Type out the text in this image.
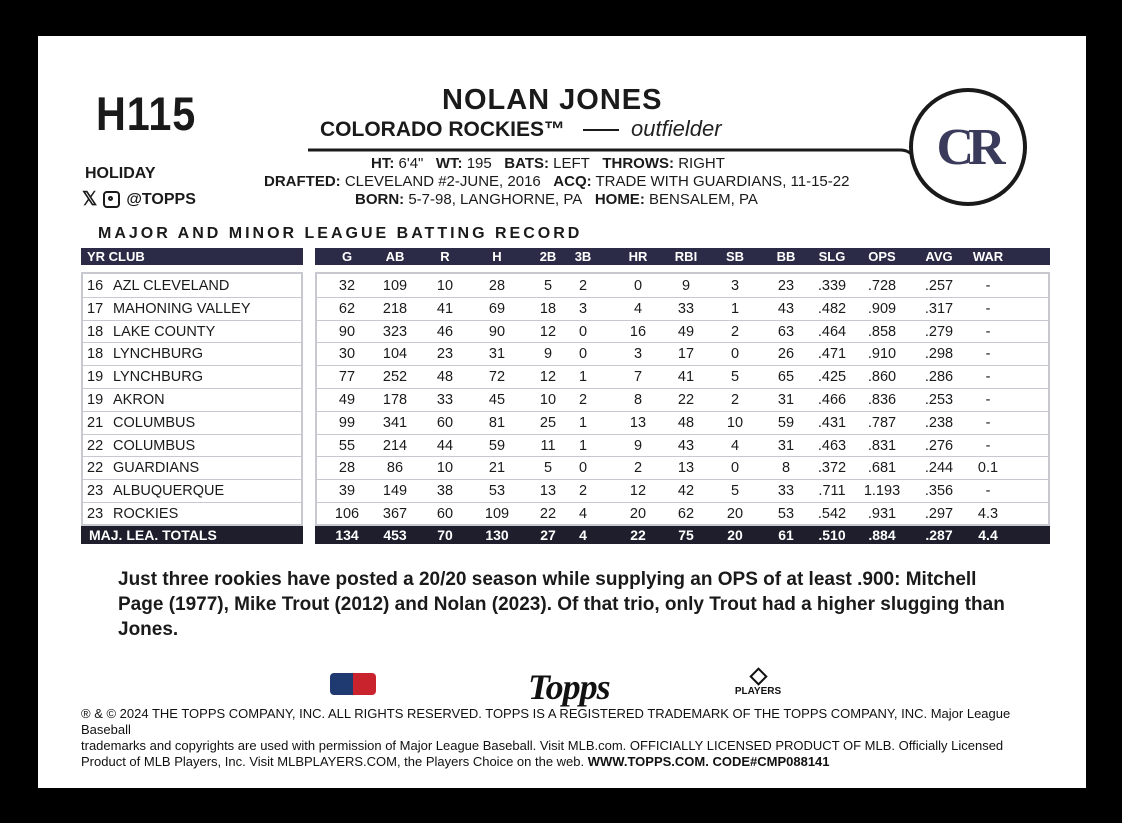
H115	NOLAN JONES
COLORADO ROCKIES™	outfielder	CR
HOLIDAY
𝕏 @TOPPS
HT: 6'4" WT: 195 BATS: LEFT THROWS: RIGHT
DRAFTED: CLEVELAND #2-JUNE, 2016 ACQ: TRADE WITH GUARDIANS, 11-15-22
BORN: 5-7-98, LANGHORNE, PA HOME: BENSALEM, PA
MAJOR AND MINOR LEAGUE BATTING RECORD
YR CLUB	G	AB	R	H	2B	3B	HR	RBI	SB	BB	SLG	OPS	AVG	WAR
16 AZL CLEVELAND	32	109	10	28	5	2	0	9	3	23	.339	.728	.257	-
17 MAHONING VALLEY	62	218	41	69	18	3	4	33	1	43	.482	.909	.317	-
18 LAKE COUNTY	90	323	46	90	12	0	16	49	2	63	.464	.858	.279	-
18 LYNCHBURG	30	104	23	31	9	0	3	17	0	26	.471	.910	.298	-
19 LYNCHBURG	77	252	48	72	12	1	7	41	5	65	.425	.860	.286	-
19 AKRON	49	178	33	45	10	2	8	22	2	31	.466	.836	.253	-
21 COLUMBUS	99	341	60	81	25	1	13	48	10	59	.431	.787	.238	-
22 COLUMBUS	55	214	44	59	11	1	9	43	4	31	.463	.831	.276	-
22 GUARDIANS	28	86	10	21	5	0	2	13	0	8	.372	.681	.244	0.1
23 ALBUQUERQUE	39	149	38	53	13	2	12	42	5	33	.711	1.193	.356	-
23 ROCKIES	106	367	60	109	22	4	20	62	20	53	.542	.931	.297	4.3
MAJ. LEA. TOTALS	134	453	70	130	27	4	22	75	20	61	.510	.884	.287	4.4
Just three rookies have posted a 20/20 season while supplying an OPS of at least .900: Mitchell Page (1977), Mike Trout (2012) and Nolan (2023). Of that trio, only Trout had a higher slugging than Jones.
Topps	PLAYERS
® & © 2024 THE TOPPS COMPANY, INC. ALL RIGHTS RESERVED. TOPPS IS A REGISTERED TRADEMARK OF THE TOPPS COMPANY, INC. Major League Baseball
trademarks and copyrights are used with permission of Major League Baseball. Visit MLB.com. OFFICIALLY LICENSED PRODUCT OF MLB. Officially Licensed
Product of MLB Players, Inc. Visit MLBPLAYERS.COM, the Players Choice on the web. WWW.TOPPS.COM. CODE#CMP088141
